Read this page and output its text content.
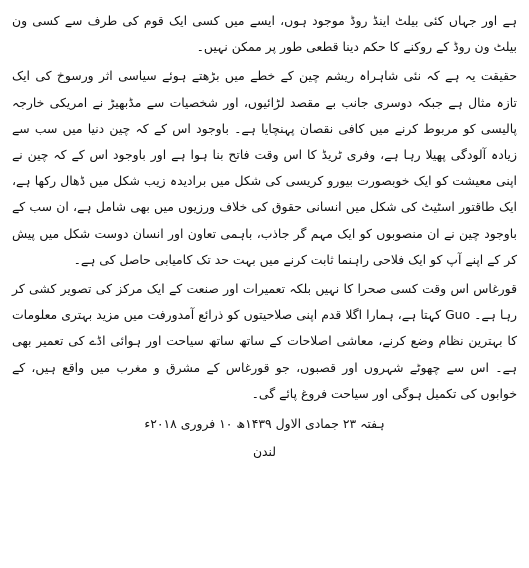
ہے اور جہاں کئی بیلٹ اینڈ روڈ موجود ہوں، ایسے میں کسی ایک قوم کی طرف سے کسی ون بیلٹ ون روڈ کے روکنے کا حکم دینا قطعی طور پر ممکن نہیں۔

حقیقت یہ ہے کہ نئی شاہراہ ریشم چین کے خطے میں بڑھتے ہوئے سیاسی اثر ورسوخ کی ایک تازہ مثال ہے جبکہ دوسری جانب بے مقصد لڑائیوں، اور شخصیات سے مڈبھیڑ نے امریکی خارجہ پالیسی کو مربوط کرنے میں کافی نقصان پہنچایا ہے۔ باوجود اس کے کہ چین دنیا میں سب سے زیادہ آلودگی پھیلا رہا ہے، وفری ٹریڈ کا اس وقت فاتح بنا ہوا ہے اور باوجود اس کے کہ چین نے اپنی معیشت کو ایک خوبصورت بیورو کریسی کی شکل میں برادیدہ زیب شکل میں ڈھال رکھا ہے، ایک طاقتور اسٹیٹ کی شکل میں انسانی حقوق کی خلاف ورزیوں میں بھی شامل ہے، ان سب کے باوجود چین نے ان منصوبوں کو ایک مہم گر جاذب، باہمی تعاون اور انسان دوست شکل میں پیش کر کے اپنے آپ کو ایک فلاحی راہنما ثابت کرنے میں بہت حد تک کامیابی حاصل کی ہے۔

قورغاس اس وقت کسی صحرا کا نہیں بلکہ تعمیرات اور صنعت کے ایک مرکز کی تصویر کشی کر رہا ہے۔ Guo کہتا ہے، ہمارا اگلا قدم اپنی صلاحیتوں کو ذرائع آمدورفت میں مزید بہتری معلومات کا بہترین نظام وضع کرنے، معاشی اصلاحات کے ساتھ ساتھ سیاحت اور ہوائی اڈے کی تعمیر بھی ہے۔ اس سے چھوٹے شہروں اور قصبوں، جو قورغاس کے مشرق و مغرب میں واقع ہیں، کے خوابوں کی تکمیل ہوگی اور سیاحت فروغ پائے گی۔

ہفتہ ۲۳ جمادی الاول ۱۴۳۹ھ ۱۰ فروری ۲۰۱۸ء
لندن
